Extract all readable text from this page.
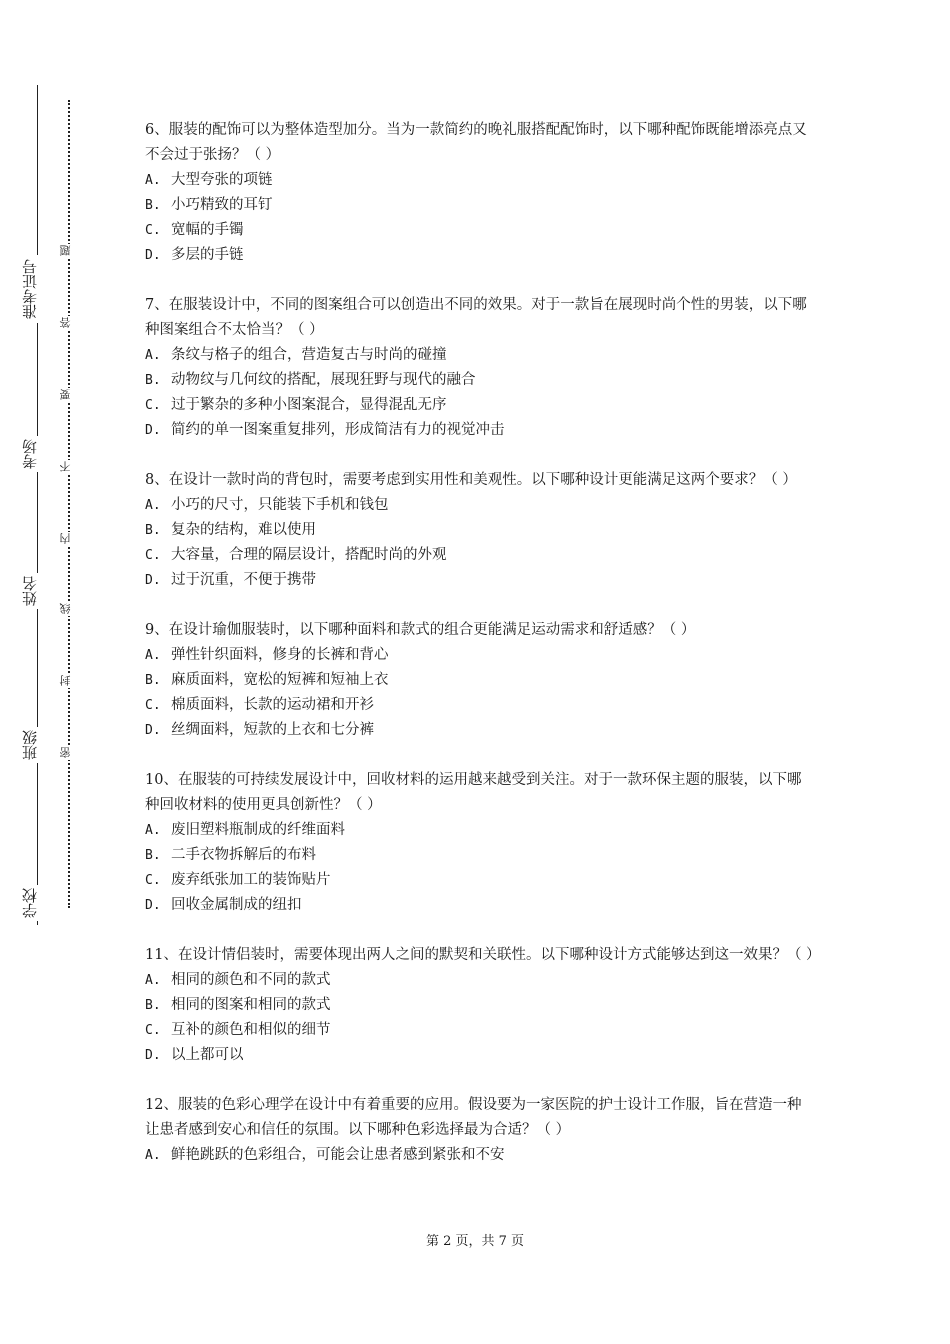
准考证号
考场
姓名
班级
学校
题
答
要
不
内
线
封
密

6、服装的配饰可以为整体造型加分。当为一款简约的晚礼服搭配配饰时，以下哪种配饰既能增添亮点又不会过于张扬？（ ）

A. 大型夸张的项链

B. 小巧精致的耳钉

C. 宽幅的手镯

D. 多层的手链

7、在服装设计中，不同的图案组合可以创造出不同的效果。对于一款旨在展现时尚个性的男装，以下哪种图案组合不太恰当？（ ）

A. 条纹与格子的组合，营造复古与时尚的碰撞

B. 动物纹与几何纹的搭配，展现狂野与现代的融合

C. 过于繁杂的多种小图案混合，显得混乱无序

D. 简约的单一图案重复排列，形成简洁有力的视觉冲击

8、在设计一款时尚的背包时，需要考虑到实用性和美观性。以下哪种设计更能满足这两个要求？（ ）

A. 小巧的尺寸，只能装下手机和钱包

B. 复杂的结构，难以使用

C. 大容量，合理的隔层设计，搭配时尚的外观

D. 过于沉重，不便于携带

9、在设计瑜伽服装时，以下哪种面料和款式的组合更能满足运动需求和舒适感？（ ）

A. 弹性针织面料，修身的长裤和背心

B. 麻质面料，宽松的短裤和短袖上衣

C. 棉质面料，长款的运动裙和开衫

D. 丝绸面料，短款的上衣和七分裤

10、在服装的可持续发展设计中，回收材料的运用越来越受到关注。对于一款环保主题的服装，以下哪种回收材料的使用更具创新性？（ ）

A. 废旧塑料瓶制成的纤维面料

B. 二手衣物拆解后的布料

C. 废弃纸张加工的装饰贴片

D. 回收金属制成的纽扣

11、在设计情侣装时，需要体现出两人之间的默契和关联性。以下哪种设计方式能够达到这一效果？（ ）

A. 相同的颜色和不同的款式

B. 相同的图案和相同的款式

C. 互补的颜色和相似的细节

D. 以上都可以

12、服装的色彩心理学在设计中有着重要的应用。假设要为一家医院的护士设计工作服，旨在营造一种让患者感到安心和信任的氛围。以下哪种色彩选择最为合适？（ ）

A. 鲜艳跳跃的色彩组合，可能会让患者感到紧张和不安

第 2 页，共 7 页
